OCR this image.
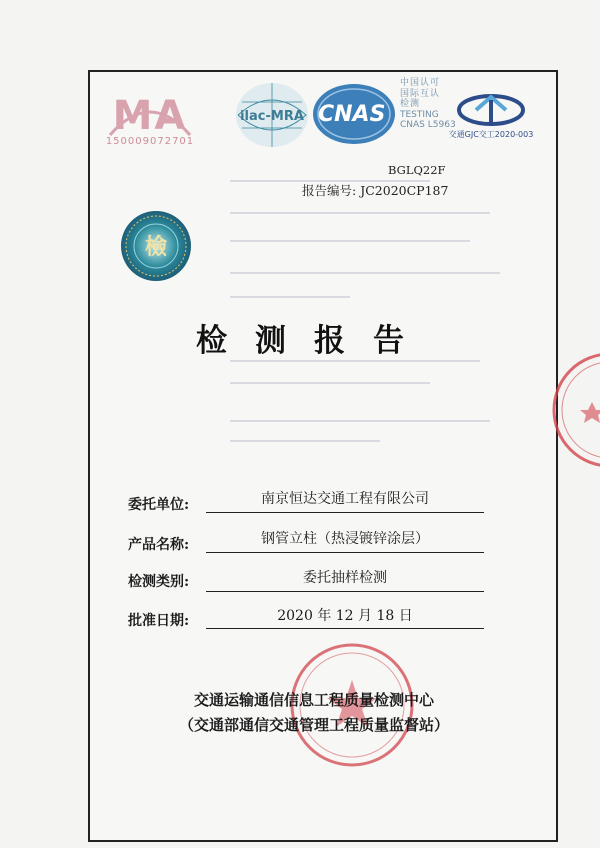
MA
150009072701
ilac-MRA CNAS
中国认可
国际互认
检测
TESTING
CNAS L5963
交通GJC交工2020-003
BGLQ22F
报告编号: JC2020CP187
檢
检测报告
委托单位:	南京恒达交通工程有限公司
产品名称:	钢管立柱（热浸镀锌涂层）
检测类别:	委托抽样检测
批准日期:	2020 年 12 月 18 日
交通运输通信信息工程质量检测中心
（交通部通信交通管理工程质量监督站）
